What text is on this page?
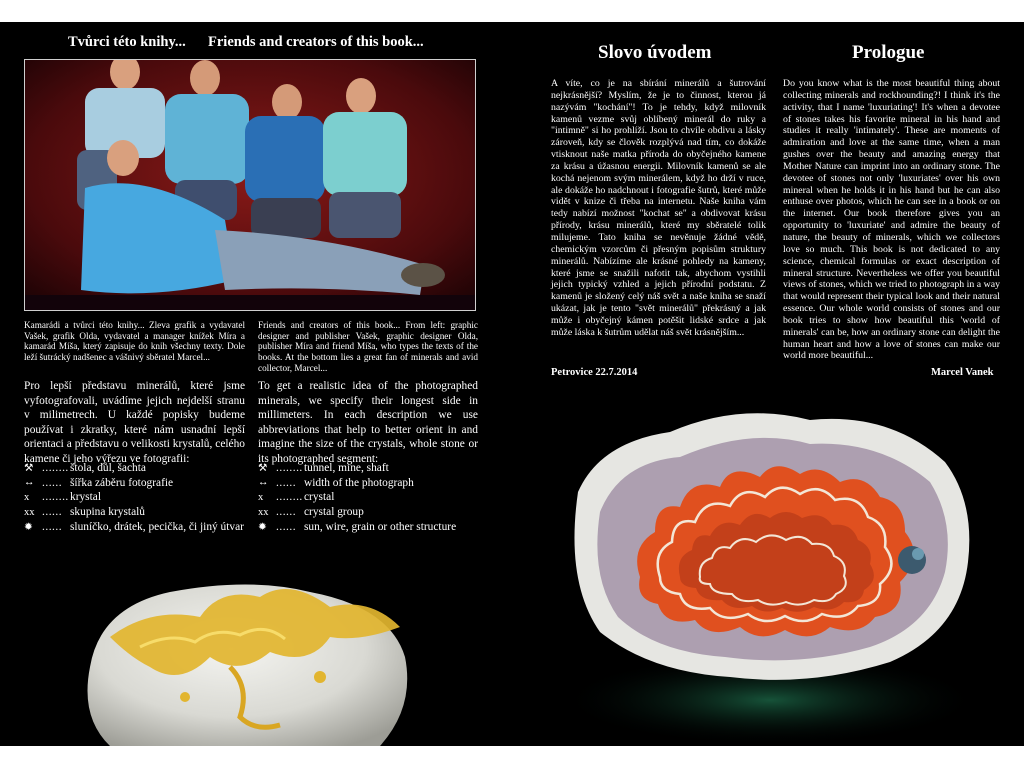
Tvůrci této knihy... Friends and creators of this book...
Kamarádi a tvůrci této knihy... Zleva grafik a vydavatel Vašek, grafik Olda, vydavatel a manager knížek Míra a kamarád Míša, který zapisuje do knih všechny texty. Dole leží šutrácký nadšenec a vášnivý sběratel Marcel...
Friends and creators of this book... From left: graphic designer and publisher Vašek, graphic designer Olda, publisher Míra and friend Míša, who types the texts of the books. At the bottom lies a great fan of minerals and avid collector, Marcel...
Pro lepší představu minerálů, které jsme vyfotografovali, uvádíme jejich nejdelší stranu v milimetrech. U každé popisky budeme používat i zkratky, které nám usnadní lepší orientaci a představu o velikosti krystalů, celého kamene či jeho výřezu ve fotografii:
To get a realistic idea of the photographed minerals, we specify their longest side in millimeters. In each description we use abbreviations that help to better orient in and imagine the size of the crystals, whole stone or its photographed segment:
⚒ ........ štola, důl, šachta
↔ ...... šířka záběru fotografie
x	........ krystal
xx ...... skupina krystalů
✹ ...... sluníčko, drátek, pecička, či jiný útvar
⚒ ........ tunnel, mine, shaft
↔ ...... width of the photograph
x	........ crystal
xx ...... crystal group
✹ ...... sun, wire, grain or other structure
Slovo úvodem	Prologue
A víte, co je na sbírání minerálů a šutrování nejkrásnější? Myslím, že je to činnost, kterou já nazývám "kochání"! To je tehdy, když milovník kamenů vezme svůj oblíbený minerál do ruky a "intimně" si ho prohlíží. Jsou to chvíle obdivu a lásky zároveň, kdy se člověk rozplývá nad tím, co dokáže vtisknout naše matka příroda do obyčejného kamene za krásu a úžasnou energii. Milovník kamenů se ale kochá nejenom svým minerálem, když ho drží v ruce, ale dokáže ho nadchnout i fotografie šutrů, které může vidět v knize či třeba na internetu. Naše kniha vám tedy nabízí možnost "kochat se" a obdivovat krásu přírody, krásu minerálů, které my sběratelé tolik milujeme. Tato kniha se nevěnuje žádné vědě, chemickým vzorcům či přesným popisům struktury minerálů. Nabízíme ale krásné pohledy na kameny, které jsme se snažili nafotit tak, abychom vystihli jejich typický vzhled a jejich přírodní podstatu. Z kamenů je složený celý náš svět a naše kniha se snaží ukázat, jak je tento "svět minerálů" překrásný a jak může i obyčejný kámen potěšit lidské srdce a jak může láska k šutrům udělat náš svět krásnějším...
Do you know what is the most beautiful thing about collecting minerals and rockhounding?! I think it's the activity, that I name 'luxuriating'! It's when a devotee of stones takes his favorite mineral in his hand and studies it really 'intimately'. These are moments of admiration and love at the same time, when a man gushes over the beauty and amazing energy that Mother Nature can imprint into an ordinary stone. The devotee of stones not only 'luxuriates' over his own mineral when he holds it in his hand but he can also enthuse over photos, which he can see in a book or on the internet. Our book therefore gives you an opportunity to 'luxuriate' and admire the beauty of nature, the beauty of minerals, which we collectors love so much. This book is not dedicated to any science, chemical formulas or exact description of mineral structure. Nevertheless we offer you beautiful views of stones, which we tried to photograph in a way that would represent their typical look and their natural essence. Our whole world consists of stones and our book tries to show how beautiful this 'world of minerals' can be, how an ordinary stone can delight the human heart and how a love of stones can make our world more beautiful...
Petrovice 22.7.2014	Marcel Vanek
